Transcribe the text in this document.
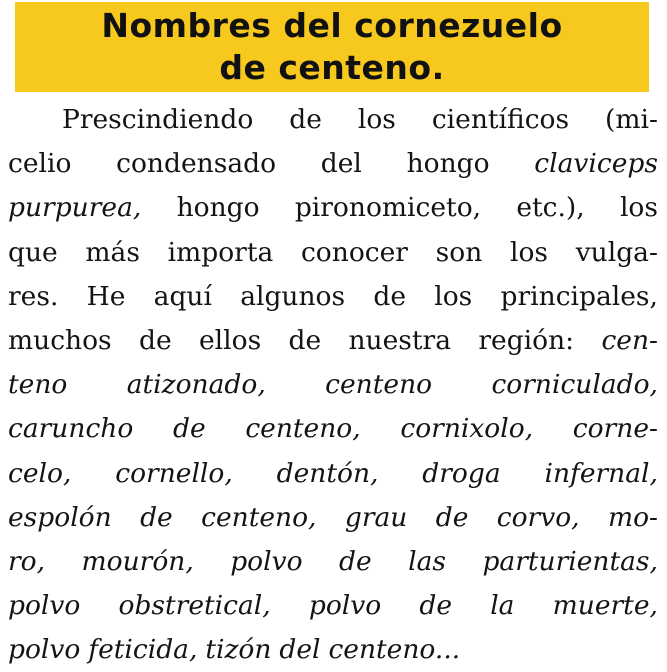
Nombres del cornezuelo
de centeno.
Prescindiendo de los científicos (mi-
celio condensado del hongo claviceps
purpurea, hongo pironomiceto, etc.), los
que más importa conocer son los vulga-
res. He aquí algunos de los principales,
muchos de ellos de nuestra región: cen-
teno atizonado, centeno corniculado,
caruncho de centeno, cornixolo, corne-
celo, cornello, dentón, droga infernal,
espolón de centeno, grau de corvo, mo-
ro, mourón, polvo de las parturientas,
polvo obstretical, polvo de la muerte,
polvo feticida, tizón del centeno...
